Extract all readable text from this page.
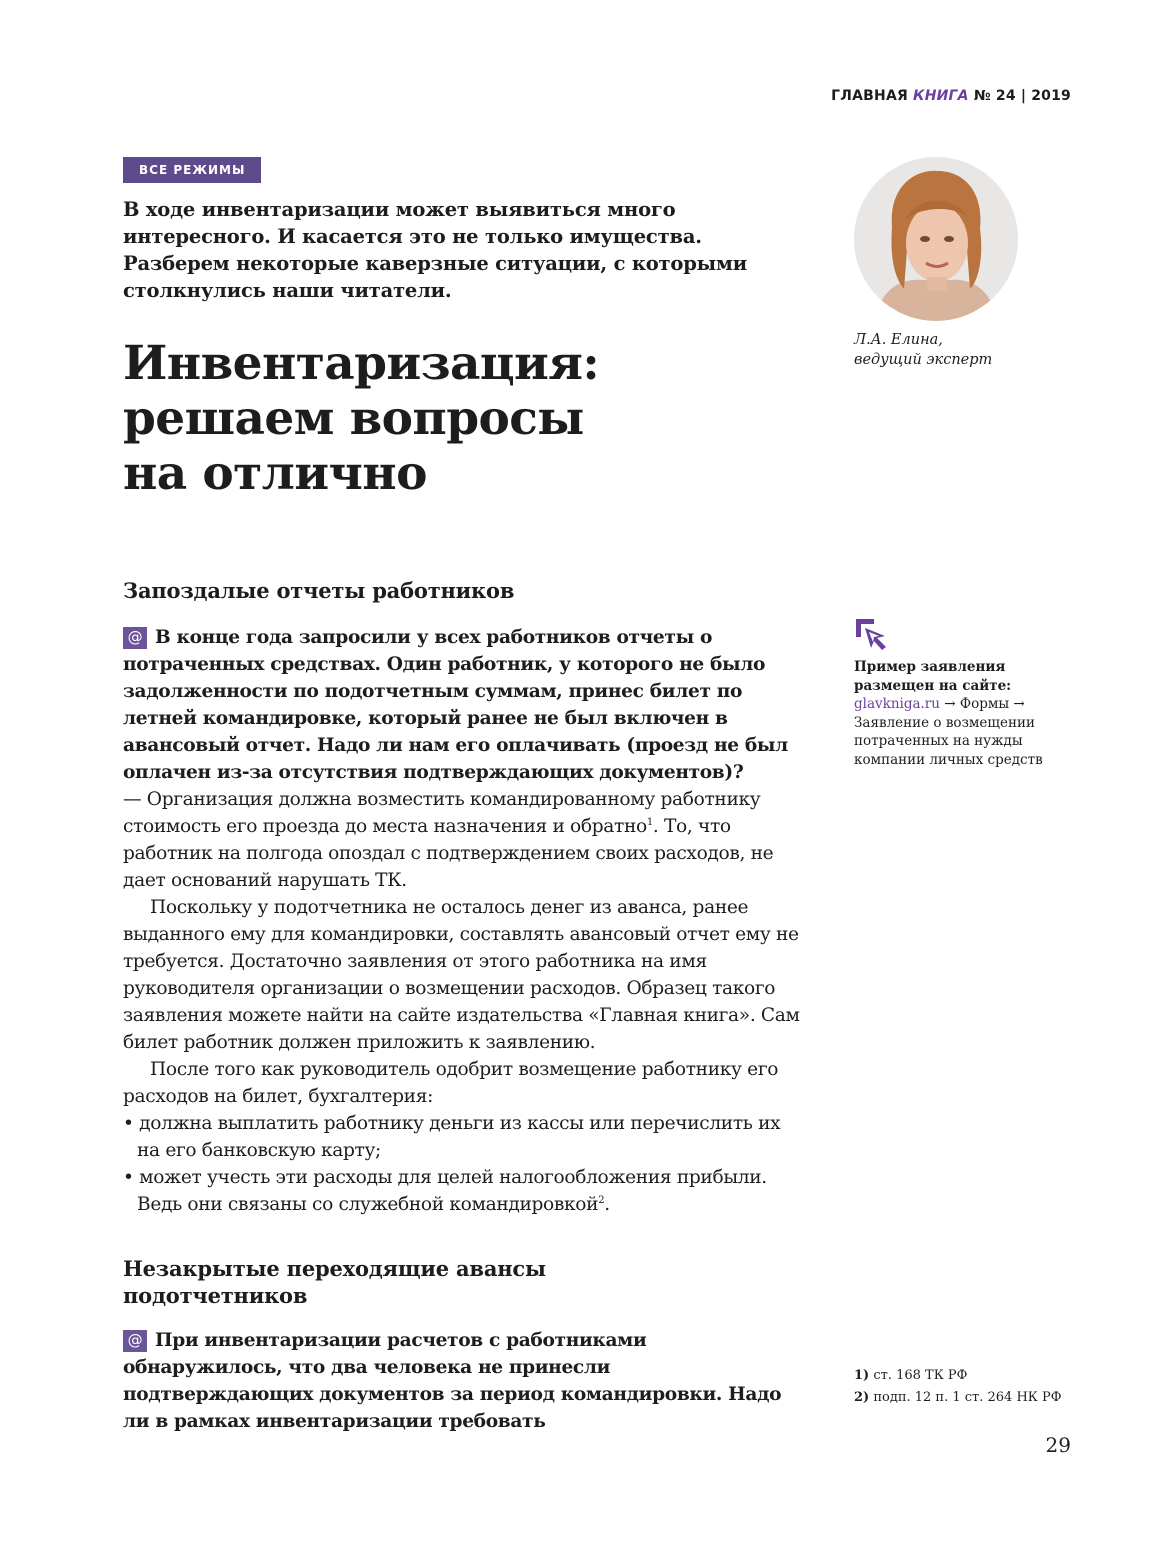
ГЛАВНАЯ КНИГА № 24 | 2019
ВСЕ РЕЖИМЫ
В ходе инвентаризации может выявиться много интересного. И касается это не только имущества. Разберем некоторые каверзные ситуации, с которыми столкнулись наши читатели.
Инвентаризация:
решаем вопросы
на отлично
Л.А. Елина,
ведущий эксперт
Запоздалые отчеты работников

@ В конце года запросили у всех работников отчеты о потраченных средствах. Один работник, у которого не было задолженности по подотчетным суммам, принес билет по летней командировке, который ранее не был включен в авансовый отчет. Надо ли нам его оплачивать (проезд не был оплачен из-за отсутствия подтверждающих документов)?

— Организация должна возместить командированному работнику стоимость его проезда до места назначения и обратно$^1$. То, что работник на полгода опоздал с подтверждением своих расходов, не дает оснований нарушать ТК.

Поскольку у подотчетника не осталось денег из аванса, ранее выданного ему для командировки, составлять авансовый отчет ему не требуется. Достаточно заявления от этого работника на имя руководителя организации о возмещении расходов. Образец такого заявления можете найти на сайте издательства «Главная книга». Сам билет работник должен приложить к заявлению.

После того как руководитель одобрит возмещение работнику его расходов на билет, бухгалтерия:

• должна выплатить работнику деньги из кассы или перечислить их на его банковскую карту;

• может учесть эти расходы для целей налогообложения прибыли. Ведь они связаны со служебной командировкой$^2$.

Незакрытые переходящие авансы
подотчетников

@ При инвентаризации расчетов с работниками обнаружилось, что два человека не принесли подтверждающих документов за период командировки. Надо ли в рамках инвентаризации требовать

Пример заявления размещен на сайте:
glavkniga.ru → Формы → Заявление о возмещении потраченных на нужды компании личных средств
1) ст. 168 ТК РФ
2) подп. 12 п. 1 ст. 264 НК РФ
29
